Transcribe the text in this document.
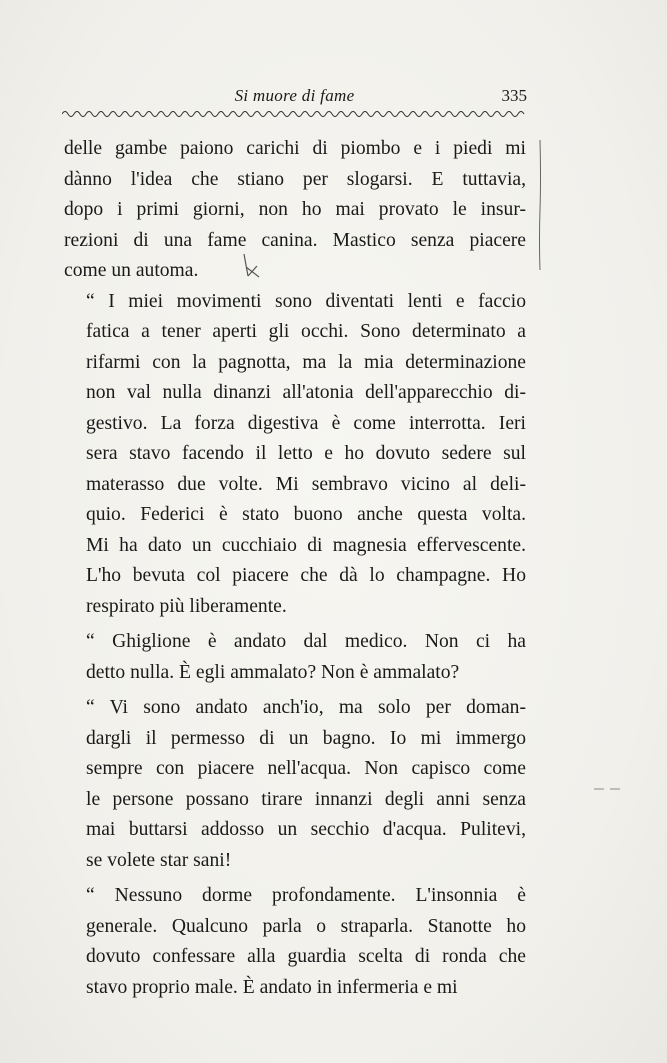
Si muore di fame	335
delle gambe paiono carichi di piombo e i piedi mi
dànno l'idea che stiano per slogarsi. E tuttavia,
dopo i primi giorni, non ho mai provato le insur-
rezioni di una fame canina. Mastico senza piacere
come un automa.
“ I miei movimenti sono diventati lenti e faccio
fatica a tener aperti gli occhi. Sono determinato a
rifarmi con la pagnotta, ma la mia determinazione
non val nulla dinanzi all'atonia dell'apparecchio di-
gestivo. La forza digestiva è come interrotta. Ieri
sera stavo facendo il letto e ho dovuto sedere sul
materasso due volte. Mi sembravo vicino al deli-
quio. Federici è stato buono anche questa volta.
Mi ha dato un cucchiaio di magnesia effervescente.
L'ho bevuta col piacere che dà lo champagne. Ho
respirato più liberamente.
“ Ghiglione è andato dal medico. Non ci ha
detto nulla. È egli ammalato? Non è ammalato?
“ Vi sono andato anch'io, ma solo per doman-
dargli il permesso di un bagno. Io mi immergo
sempre con piacere nell'acqua. Non capisco come
le persone possano tirare innanzi degli anni senza
mai buttarsi addosso un secchio d'acqua. Pulitevi,
se volete star sani!
“ Nessuno dorme profondamente. L'insonnia è
generale. Qualcuno parla o straparla. Stanotte ho
dovuto confessare alla guardia scelta di ronda che
stavo proprio male. È andato in infermeria e mi
